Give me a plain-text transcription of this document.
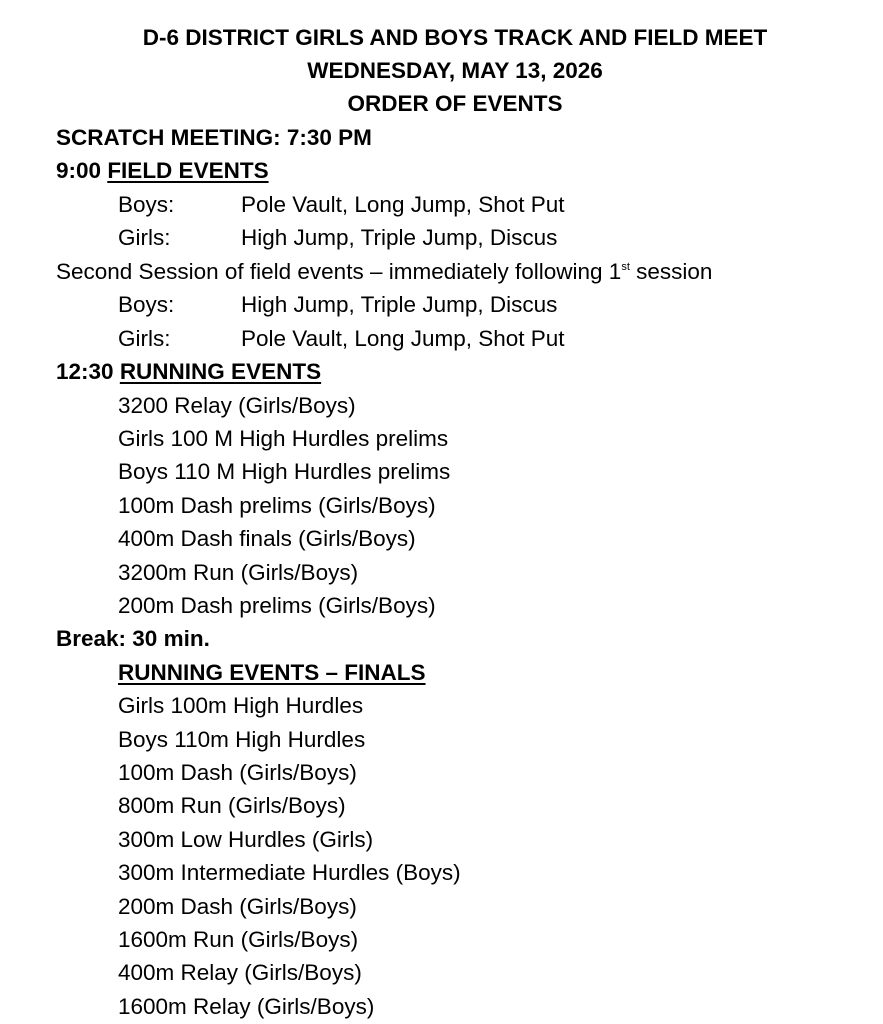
D-6 DISTRICT GIRLS AND BOYS TRACK AND FIELD MEET
WEDNESDAY, MAY 13, 2026
ORDER OF EVENTS
SCRATCH MEETING: 7:30 PM
9:00 FIELD EVENTS
Boys:	Pole Vault, Long Jump, Shot Put
Girls:	High Jump, Triple Jump, Discus
Second Session of field events – immediately following 1st session
Boys:	High Jump, Triple Jump, Discus
Girls:	Pole Vault, Long Jump, Shot Put
12:30 RUNNING EVENTS
3200 Relay (Girls/Boys)
Girls 100 M High Hurdles prelims
Boys 110 M High Hurdles prelims
100m Dash prelims (Girls/Boys)
400m Dash finals (Girls/Boys)
3200m Run (Girls/Boys)
200m Dash prelims (Girls/Boys)
Break: 30 min.
RUNNING EVENTS – FINALS
Girls 100m High Hurdles
Boys 110m High Hurdles
100m Dash (Girls/Boys)
800m Run (Girls/Boys)
300m Low Hurdles (Girls)
300m Intermediate Hurdles (Boys)
200m Dash (Girls/Boys)
1600m Run (Girls/Boys)
400m Relay (Girls/Boys)
1600m Relay (Girls/Boys)
